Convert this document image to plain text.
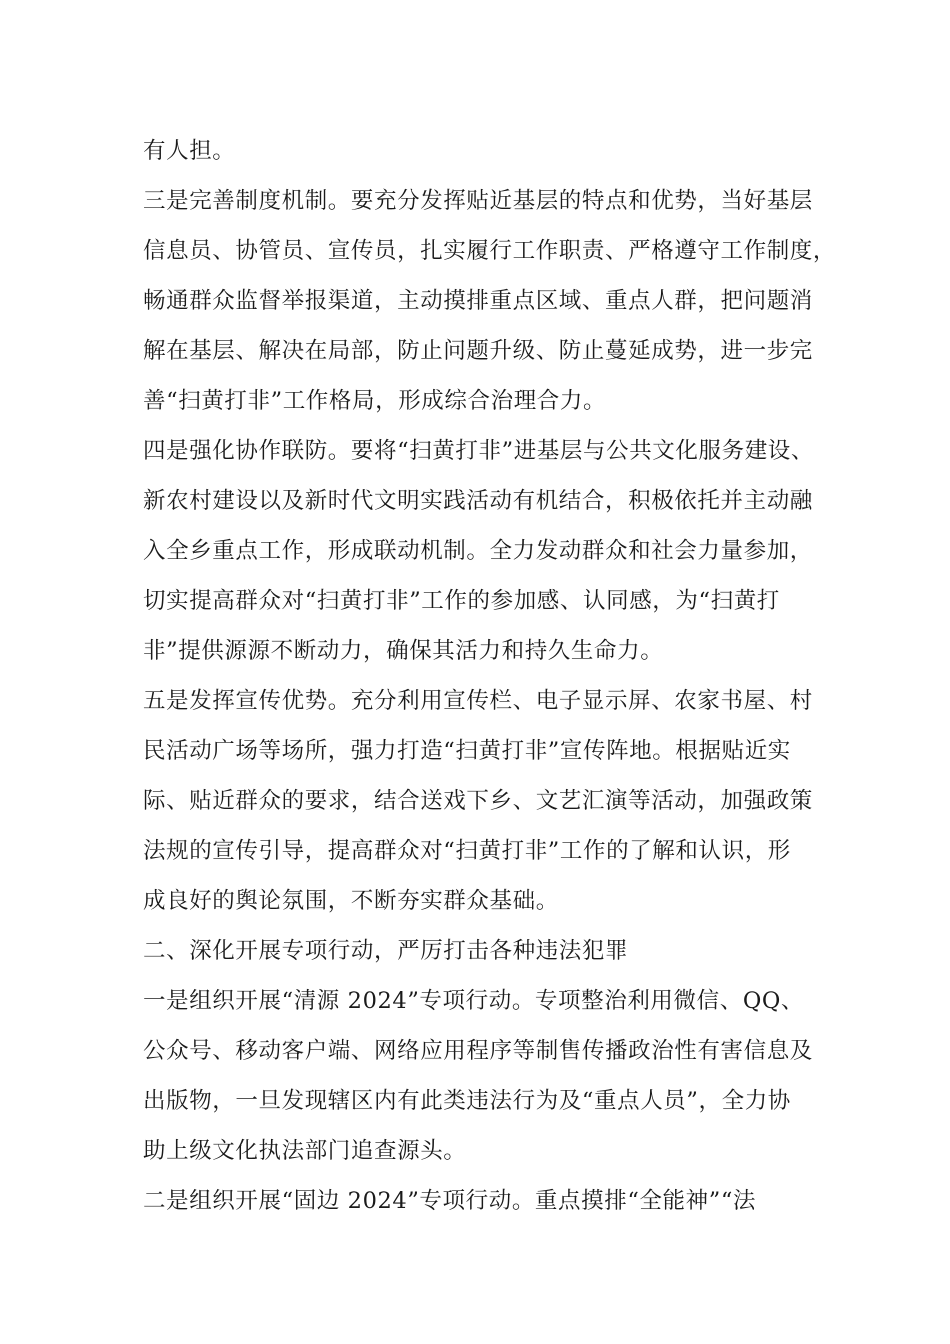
有人担。
三是完善制度机制。要充分发挥贴近基层的特点和优势，当好基层
信息员、协管员、宣传员，扎实履行工作职责、严格遵守工作制度，
畅通群众监督举报渠道，主动摸排重点区域、重点人群，把问题消
解在基层、解决在局部，防止问题升级、防止蔓延成势，进一步完
善“扫黄打非”工作格局，形成综合治理合力。
四是强化协作联防。要将“扫黄打非”进基层与公共文化服务建设、
新农村建设以及新时代文明实践活动有机结合，积极依托并主动融
入全乡重点工作，形成联动机制。全力发动群众和社会力量参加，
切实提高群众对“扫黄打非”工作的参加感、认同感，为“扫黄打
非”提供源源不断动力，确保其活力和持久生命力。
五是发挥宣传优势。充分利用宣传栏、电子显示屏、农家书屋、村
民活动广场等场所，强力打造“扫黄打非”宣传阵地。根据贴近实
际、贴近群众的要求，结合送戏下乡、文艺汇演等活动，加强政策
法规的宣传引导，提高群众对“扫黄打非”工作的了解和认识，形
成良好的舆论氛围，不断夯实群众基础。
二、深化开展专项行动，严厉打击各种违法犯罪
一是组织开展“清源 2024”专项行动。专项整治利用微信、QQ、
公众号、移动客户端、网络应用程序等制售传播政治性有害信息及
出版物，一旦发现辖区内有此类违法行为及“重点人员”，全力协
助上级文化执法部门追查源头。
二是组织开展“固边 2024”专项行动。重点摸排“全能神”“法
